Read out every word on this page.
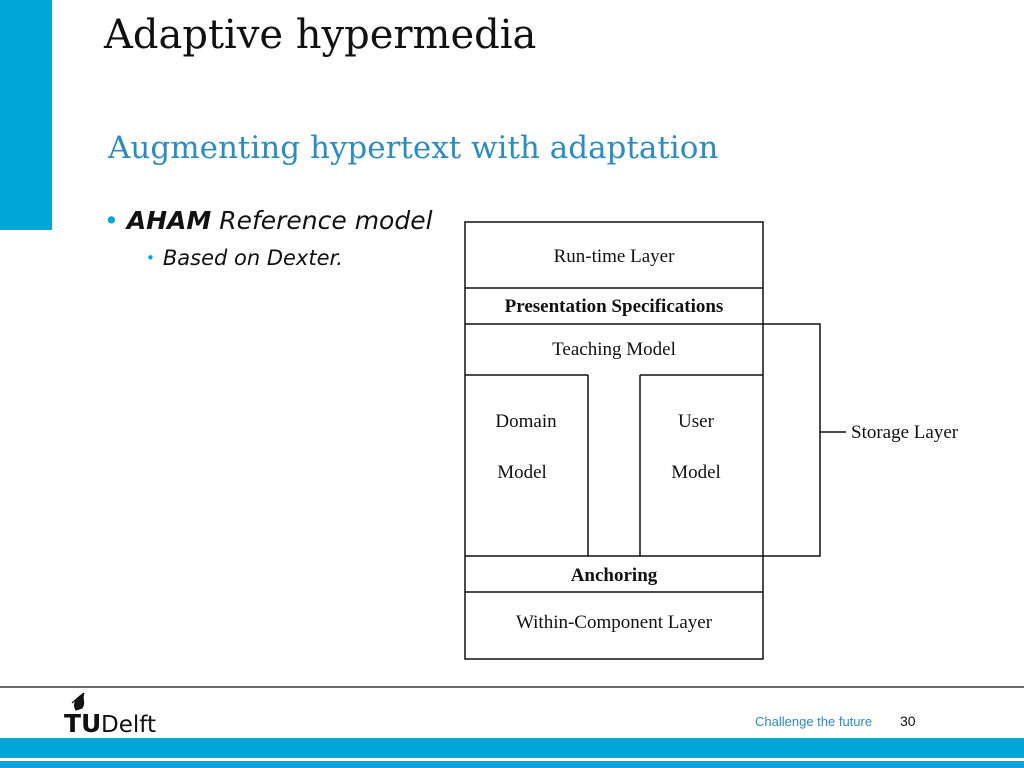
Adaptive hypermedia
Augmenting hypertext with adaptation
• AHAM Reference model
• Based on Dexter.	Run-time Layer
Presentation Specifications
Teaching Model
Domain
Model
User
Model
Storage Layer
Anchoring
Within-Component Layer
TU Delft	Challenge the future 30
